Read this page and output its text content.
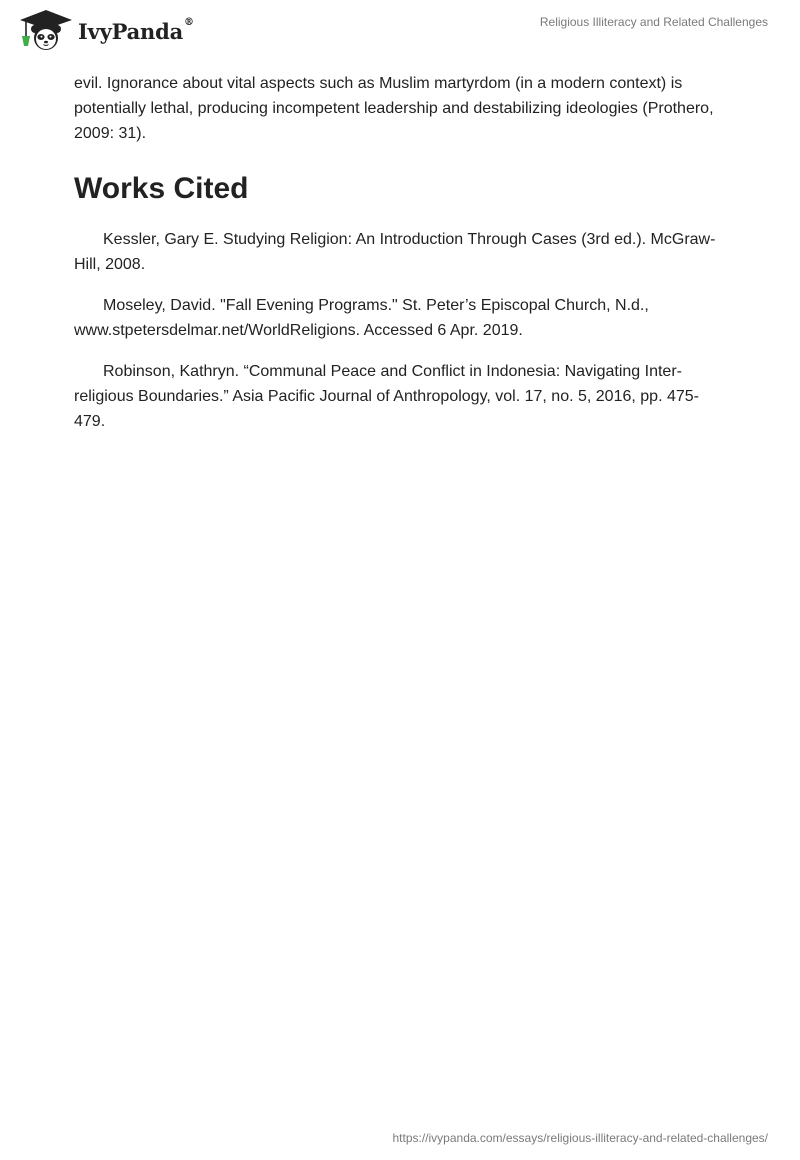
IvyPanda®	Religious Illiteracy and Related Challenges

evil. Ignorance about vital aspects such as Muslim martyrdom (in a modern context) is potentially lethal, producing incompetent leadership and destabilizing ideologies (Prothero, 2009: 31).

Works Cited

Kessler, Gary E. Studying Religion: An Introduction Through Cases (3rd ed.). McGraw-Hill, 2008.

Moseley, David. "Fall Evening Programs." St. Peter’s Episcopal Church, N.d., www.stpetersdelmar.net/WorldReligions. Accessed 6 Apr. 2019.

Robinson, Kathryn. “Communal Peace and Conflict in Indonesia: Navigating Inter-religious Boundaries.” Asia Pacific Journal of Anthropology, vol. 17, no. 5, 2016, pp. 475-479.

https://ivypanda.com/essays/religious-illiteracy-and-related-challenges/
